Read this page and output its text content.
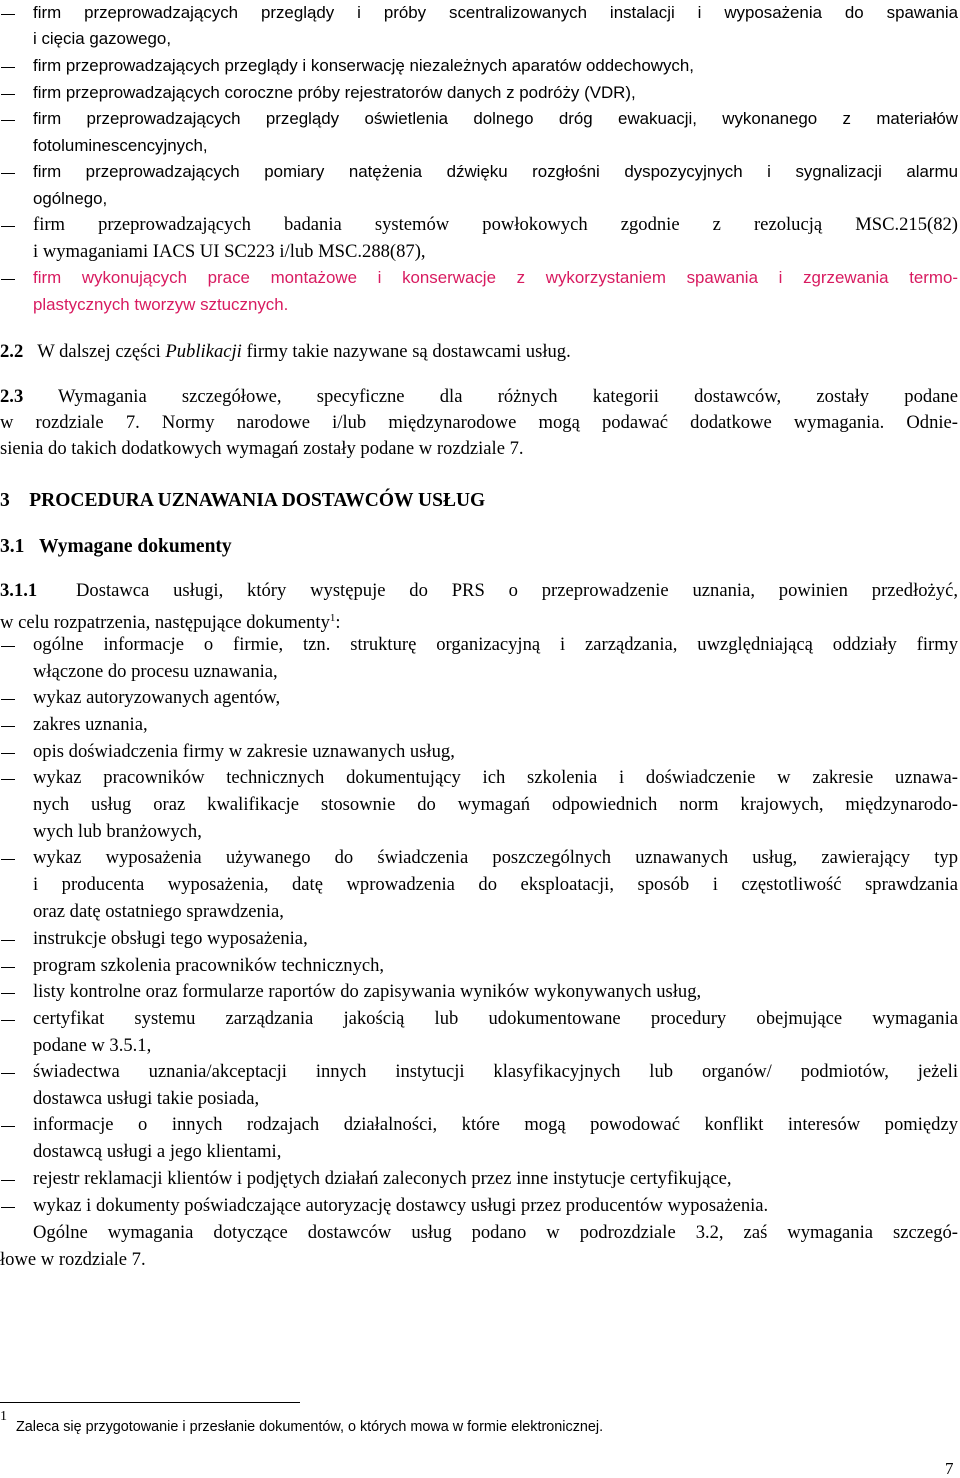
firm przeprowadzających przeglądy i próby scentralizowanych instalacji i wyposażenia do spawania
i cięcia gazowego,
firm przeprowadzających przeglądy i konserwację niezależnych aparatów oddechowych,
firm przeprowadzających coroczne próby rejestratorów danych z podróży (VDR),
firm przeprowadzających przeglądy oświetlenia dolnego dróg ewakuacji, wykonanego z materiałów
fotoluminescencyjnych,
firm przeprowadzających pomiary natężenia dźwięku rozgłośni dyspozycyjnych i sygnalizacji alarmu
ogólnego,
firm przeprowadzających badania systemów powłokowych zgodnie z rezolucją MSC.215(82)
i wymaganiami IACS UI SC223 i/lub MSC.288(87),
firm wykonujących prace montażowe i konserwacje z wykorzystaniem spawania i zgrzewania termo-
plastycznych tworzyw sztucznych.
2.2 W dalszej części Publikacji firmy takie nazywane są dostawcami usług.
2.3 Wymagania szczegółowe, specyficzne dla różnych kategorii dostawców, zostały podane
w rozdziale 7. Normy narodowe i/lub międzynarodowe mogą podawać dodatkowe wymagania. Odnie-
sienia do takich dodatkowych wymagań zostały podane w rozdziale 7.
3 PROCEDURA UZNAWANIA DOSTAWCÓW USŁUG
3.1 Wymagane dokumenty
3.1.1 Dostawca usługi, który występuje do PRS o przeprowadzenie uznania, powinien przedłożyć,
w celu rozpatrzenia, następujące dokumenty$^1$:
ogólne informacje o firmie, tzn. strukturę organizacyjną i zarządzania, uwzględniającą oddziały firmy
włączone do procesu uznawania,
wykaz autoryzowanych agentów,
zakres uznania,
opis doświadczenia firmy w zakresie uznawanych usług,
wykaz pracowników technicznych dokumentujący ich szkolenia i doświadczenie w zakresie uznawa-
nych usług oraz kwalifikacje stosownie do wymagań odpowiednich norm krajowych, międzynarodo-
wych lub branżowych,
wykaz wyposażenia używanego do świadczenia poszczególnych uznawanych usług, zawierający typ
i producenta wyposażenia, datę wprowadzenia do eksploatacji, sposób i częstotliwość sprawdzania
oraz datę ostatniego sprawdzenia,
instrukcje obsługi tego wyposażenia,
program szkolenia pracowników technicznych,
listy kontrolne oraz formularze raportów do zapisywania wyników wykonywanych usług,
certyfikat systemu zarządzania jakością lub udokumentowane procedury obejmujące wymagania
podane w 3.5.1,
świadectwa uznania/akceptacji innych instytucji klasyfikacyjnych lub organów/ podmiotów, jeżeli
dostawca usługi takie posiada,
informacje o innych rodzajach działalności, które mogą powodować konflikt interesów pomiędzy
dostawcą usługi a jego klientami,
rejestr reklamacji klientów i podjętych działań zaleconych przez inne instytucje certyfikujące,
wykaz i dokumenty poświadczające autoryzację dostawcy usługi przez producentów wyposażenia.
Ogólne wymagania dotyczące dostawców usług podano w podrozdziale 3.2, zaś wymagania szczegó-
łowe w rozdziale 7.
1
Zaleca się przygotowanie i przesłanie dokumentów, o których mowa w formie elektronicznej.
7
